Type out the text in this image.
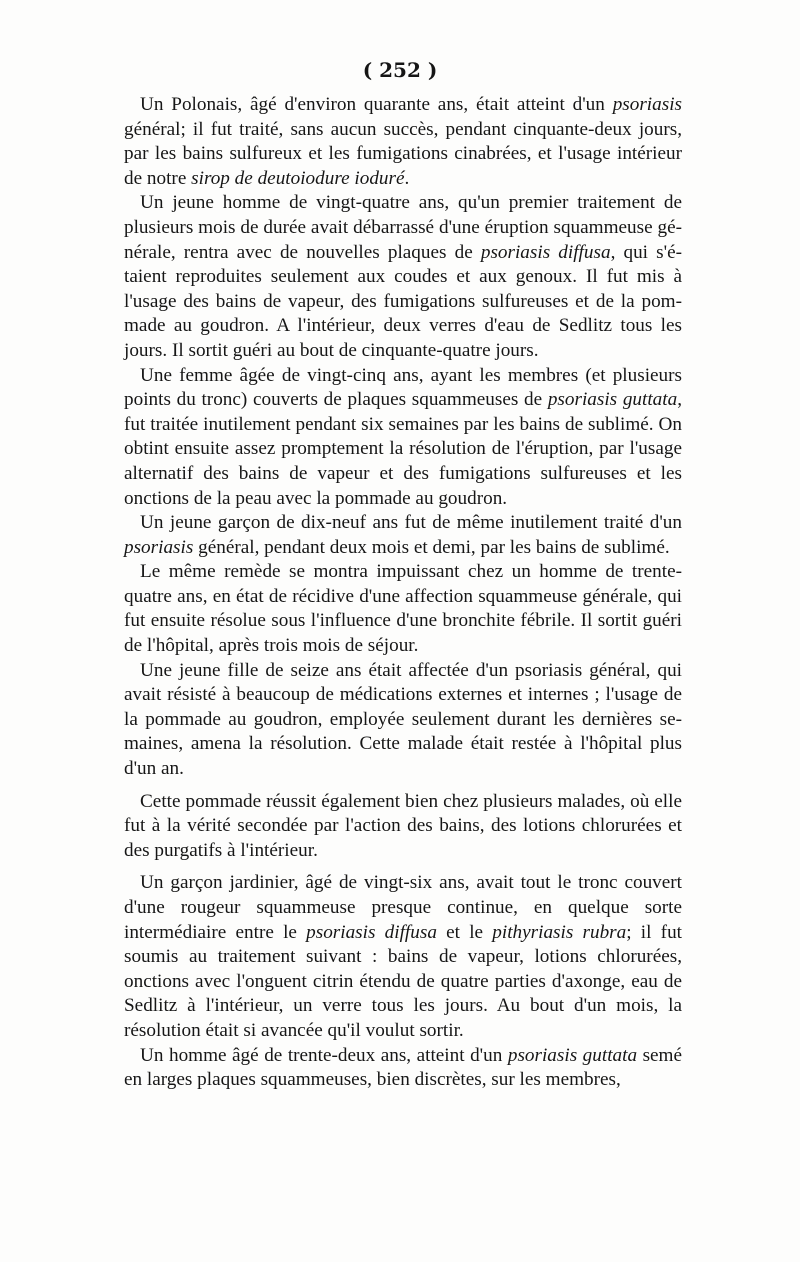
( 252 )

Un Polonais, âgé d'environ quarante ans, était atteint d'un psoriasis général; il fut traité, sans aucun succès, pendant cinquante-deux jours, par les bains sulfureux et les fumigations cinabrées, et l'usage intérieur de notre sirop de deutoiodure ioduré.

Un jeune homme de vingt-quatre ans, qu'un premier traitement de plusieurs mois de durée avait débarrassé d'une éruption squammeuse générale, rentra avec de nouvelles plaques de psoriasis diffusa, qui s'étaient reproduites seulement aux coudes et aux genoux. Il fut mis à l'usage des bains de vapeur, des fumigations sulfureuses et de la pommade au goudron. A l'intérieur, deux verres d'eau de Sedlitz tous les jours. Il sortit guéri au bout de cinquante-quatre jours.

Une femme âgée de vingt-cinq ans, ayant les membres (et plusieurs points du tronc) couverts de plaques squammeuses de psoriasis guttata, fut traitée inutilement pendant six semaines par les bains de sublimé. On obtint ensuite assez promptement la résolution de l'éruption, par l'usage alternatif des bains de vapeur et des fumigations sulfureuses et les onctions de la peau avec la pommade au goudron.

Un jeune garçon de dix-neuf ans fut de même inutilement traité d'un psoriasis général, pendant deux mois et demi, par les bains de sublimé.

Le même remède se montra impuissant chez un homme de trente-quatre ans, en état de récidive d'une affection squammeuse générale, qui fut ensuite résolue sous l'influence d'une bronchite fébrile. Il sortit guéri de l'hôpital, après trois mois de séjour.

Une jeune fille de seize ans était affectée d'un psoriasis général, qui avait résisté à beaucoup de médications externes et internes ; l'usage de la pommade au goudron, employée seulement durant les dernières semaines, amena la résolution. Cette malade était restée à l'hôpital plus d'un an.

Cette pommade réussit également bien chez plusieurs malades, où elle fut à la vérité secondée par l'action des bains, des lotions chlorurées et des purgatifs à l'intérieur.

Un garçon jardinier, âgé de vingt-six ans, avait tout le tronc couvert d'une rougeur squammeuse presque continue, en quelque sorte intermédiaire entre le psoriasis diffusa et le pithyriasis rubra; il fut soumis au traitement suivant : bains de vapeur, lotions chlorurées, onctions avec l'onguent citrin étendu de quatre parties d'axonge, eau de Sedlitz à l'intérieur, un verre tous les jours. Au bout d'un mois, la résolution était si avancée qu'il voulut sortir.

Un homme âgé de trente-deux ans, atteint d'un psoriasis guttata semé en larges plaques squammeuses, bien discrètes, sur les membres,
